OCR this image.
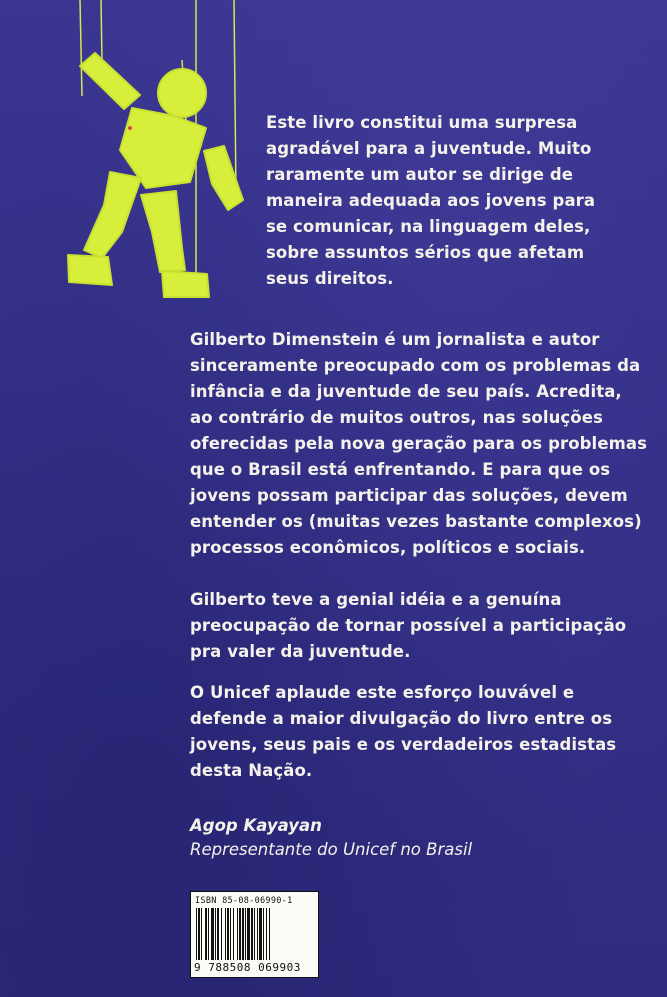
Este livro constitui uma surpresa
agradável para a juventude. Muito
raramente um autor se dirige de
maneira adequada aos jovens para
se comunicar, na linguagem deles,
sobre assuntos sérios que afetam
seus direitos.

Gilberto Dimenstein é um jornalista e autor
sinceramente preocupado com os problemas da
infância e da juventude de seu país. Acredita,
ao contrário de muitos outros, nas soluções
oferecidas pela nova geração para os problemas
que o Brasil está enfrentando. E para que os
jovens possam participar das soluções, devem
entender os (muitas vezes bastante complexos)
processos econômicos, políticos e sociais.

Gilberto teve a genial idéia e a genuína
preocupação de tornar possível a participação
pra valer da juventude.

O Unicef aplaude este esforço louvável e
defende a maior divulgação do livro entre os
jovens, seus pais e os verdadeiros estadistas
desta Nação.

Agop Kayayan

Representante do Unicef no Brasil

ISBN 85-08-06990-1
9 788508 069903
